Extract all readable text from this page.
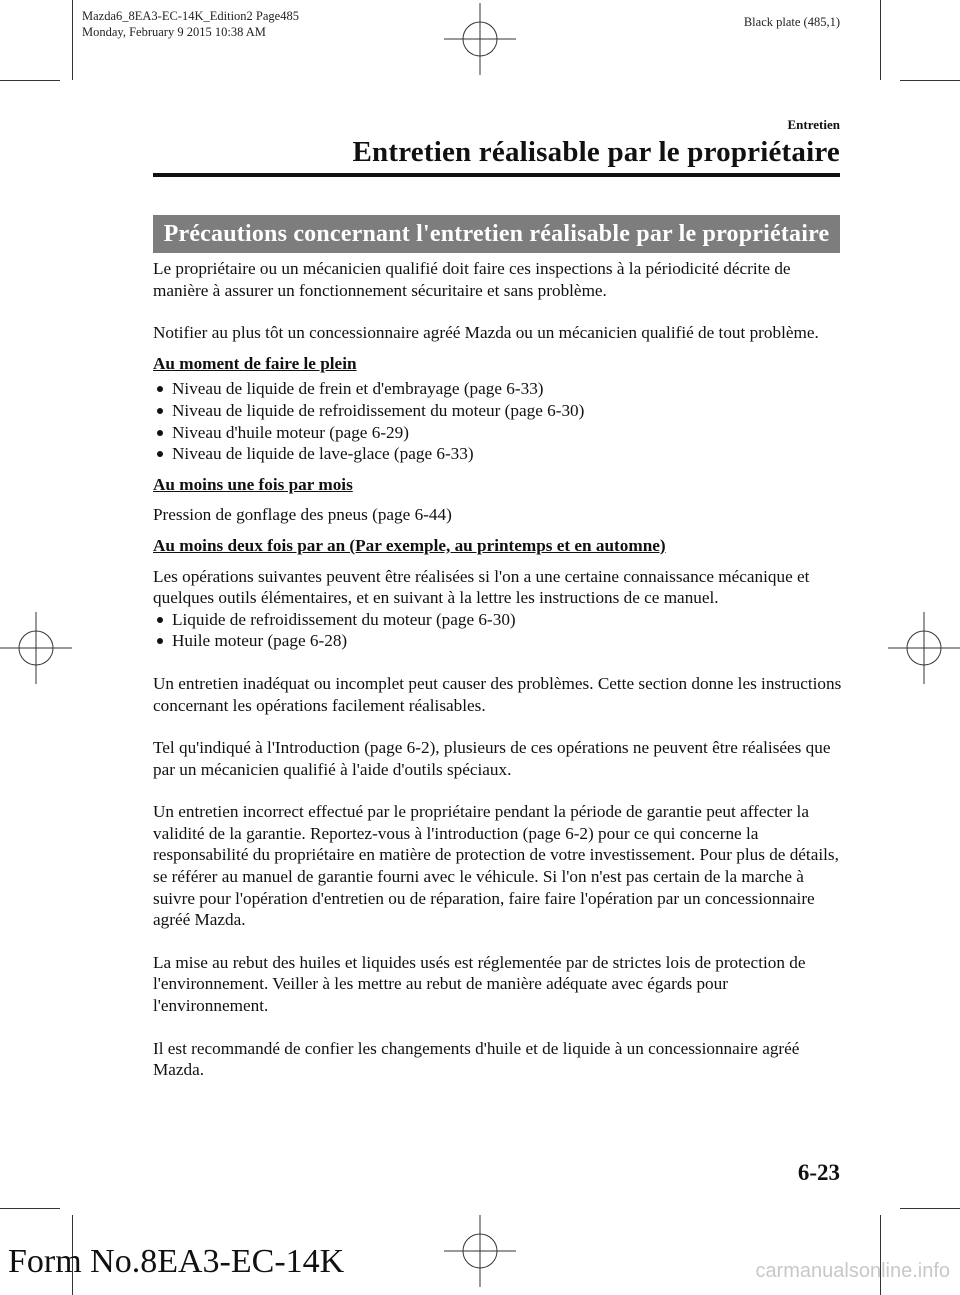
Mazda6_8EA3-EC-14K_Edition2 Page485
Monday, February 9 2015 10:38 AM
Black plate (485,1)
Entretien
Entretien réalisable par le propriétaire
Précautions concernant l'entretien réalisable par le propriétaire

Le propriétaire ou un mécanicien qualifié doit faire ces inspections à la périodicité décrite de manière à assurer un fonctionnement sécuritaire et sans problème.

Notifier au plus tôt un concessionnaire agréé Mazda ou un mécanicien qualifié de tout problème.

Au moment de faire le plein

Niveau de liquide de frein et d'embrayage (page 6-33)
Niveau de liquide de refroidissement du moteur (page 6-30)
Niveau d'huile moteur (page 6-29)
Niveau de liquide de lave-glace (page 6-33)

Au moins une fois par mois

Pression de gonflage des pneus (page 6-44)

Au moins deux fois par an (Par exemple, au printemps et en automne)

Les opérations suivantes peuvent être réalisées si l'on a une certaine connaissance mécanique et quelques outils élémentaires, et en suivant à la lettre les instructions de ce manuel.

Liquide de refroidissement du moteur (page 6-30)
Huile moteur (page 6-28)

Un entretien inadéquat ou incomplet peut causer des problèmes. Cette section donne les instructions concernant les opérations facilement réalisables.

Tel qu'indiqué à l'Introduction (page 6-2), plusieurs de ces opérations ne peuvent être réalisées que par un mécanicien qualifié à l'aide d'outils spéciaux.

Un entretien incorrect effectué par le propriétaire pendant la période de garantie peut affecter la validité de la garantie. Reportez-vous à l'introduction (page 6-2) pour ce qui concerne la responsabilité du propriétaire en matière de protection de votre investissement. Pour plus de détails, se référer au manuel de garantie fourni avec le véhicule. Si l'on n'est pas certain de la marche à suivre pour l'opération d'entretien ou de réparation, faire faire l'opération par un concessionnaire agréé Mazda.

La mise au rebut des huiles et liquides usés est réglementée par de strictes lois de protection de l'environnement. Veiller à les mettre au rebut de manière adéquate avec égards pour l'environnement.

Il est recommandé de confier les changements d'huile et de liquide à un concessionnaire agréé Mazda.

6-23
Form No.8EA3-EC-14K	carmanualsonline.info
